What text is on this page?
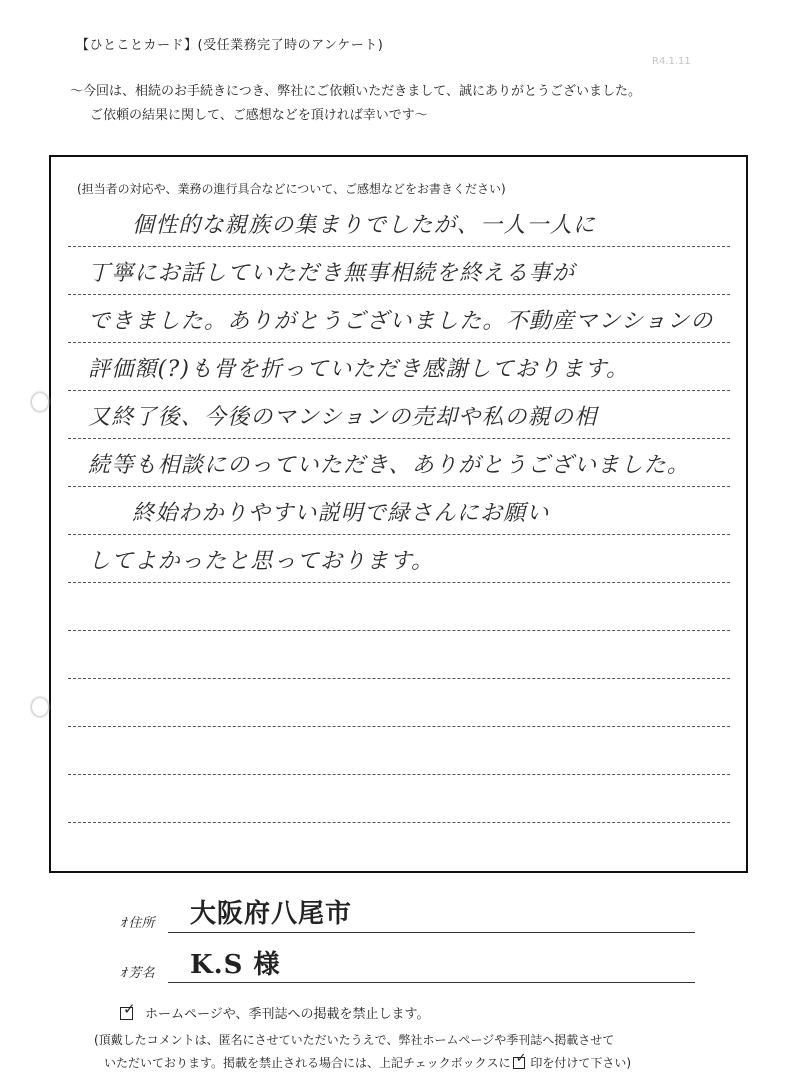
【ひとことカード】(受任業務完了時のアンケート)
R4.1.11
〜今回は、相続のお手続きにつき、弊社にご依頼いただきまして、誠にありがとうございました。
ご依頼の結果に関して、ご感想などを頂ければ幸いです〜
(担当者の対応や、業務の進行具合などについて、ご感想などをお書きください)
個性的な親族の集まりでしたが、一人一人に
丁寧にお話していただき無事相続を終える事が
できました。ありがとうございました。不動産マンションの
評価額(?)も骨を折っていただき感謝しております。
又終了後、今後のマンションの売却や私の親の相
続等も相談にのっていただき、ありがとうございました。
終始わかりやすい説明で緑さんにお願い
してよかったと思っております。
ｵ 住所 大阪府八尾市
ｵ 芳名 K.S 様
✓ ホームページや、季刊誌への掲載を禁止します。
(頂戴したコメントは、匿名にさせていただいたうえで、弊社ホームページや季刊誌へ掲載させて
いただいております。掲載を禁止される場合には、上記チェックボックスに ✓ 印を付けて下さい)
